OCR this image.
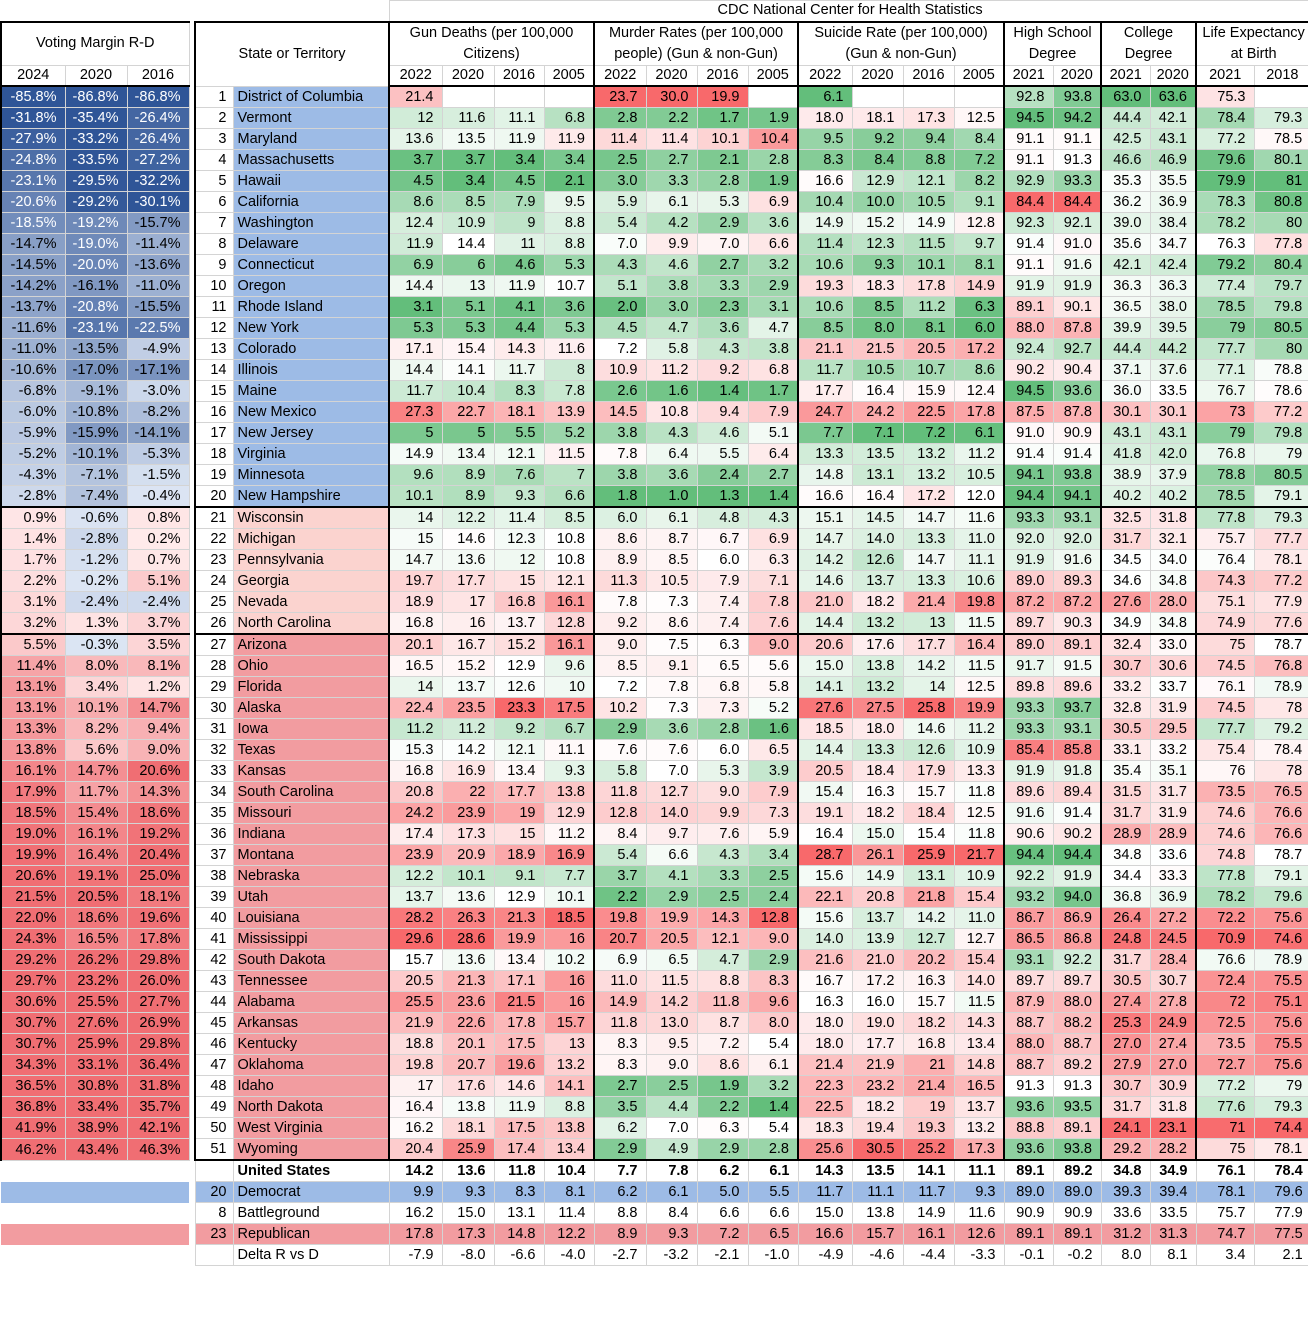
						CDC National Center for Health Statistics																	
Voting Margin R-D				State or Territory		Gun Deaths (per 100,000 Citizens)				Murder Rates (per 100,000 people) (Gun & non-Gun)				Suicide Rate (per 100,000) (Gun & non-Gun)				High School Degree		College Degree		Life Expectancy at Birth	

2024	2020	2016				2022	2020	2016	2005	2022	2020	2016	2005	2022	2020	2016	2005	2021	2020	2021	2020	2021	2018
-85.8%	-86.8%	-86.8%		1	District of Columbia	21.4				23.7	30.0	19.9		6.1				92.8	93.8	63.0	63.6	75.3	
-31.8%	-35.4%	-26.4%		2	Vermont	12	11.6	11.1	6.8	2.8	2.2	1.7	1.9	18.0	18.1	17.3	12.5	94.5	94.2	44.4	42.1	78.4	79.3
-27.9%	-33.2%	-26.4%		3	Maryland	13.6	13.5	11.9	11.9	11.4	11.4	10.1	10.4	9.5	9.2	9.4	8.4	91.1	91.1	42.5	43.1	77.2	78.5
-24.8%	-33.5%	-27.2%		4	Massachusetts	3.7	3.7	3.4	3.4	2.5	2.7	2.1	2.8	8.3	8.4	8.8	7.2	91.1	91.3	46.6	46.9	79.6	80.1
-23.1%	-29.5%	-32.2%		5	Hawaii	4.5	3.4	4.5	2.1	3.0	3.3	2.8	1.9	16.6	12.9	12.1	8.2	92.9	93.3	35.3	35.5	79.9	81
-20.6%	-29.2%	-30.1%		6	California	8.6	8.5	7.9	9.5	5.9	6.1	5.3	6.9	10.4	10.0	10.5	9.1	84.4	84.4	36.2	36.9	78.3	80.8
-18.5%	-19.2%	-15.7%		7	Washington	12.4	10.9	9	8.8	5.4	4.2	2.9	3.6	14.9	15.2	14.9	12.8	92.3	92.1	39.0	38.4	78.2	80
-14.7%	-19.0%	-11.4%		8	Delaware	11.9	14.4	11	8.8	7.0	9.9	7.0	6.6	11.4	12.3	11.5	9.7	91.4	91.0	35.6	34.7	76.3	77.8
-14.5%	-20.0%	-13.6%		9	Connecticut	6.9	6	4.6	5.3	4.3	4.6	2.7	3.2	10.6	9.3	10.1	8.1	91.1	91.6	42.1	42.4	79.2	80.4
-14.2%	-16.1%	-11.0%		10	Oregon	14.4	13	11.9	10.7	5.1	3.8	3.3	2.9	19.3	18.3	17.8	14.9	91.9	91.9	36.3	36.3	77.4	79.7
-13.7%	-20.8%	-15.5%		11	Rhode Island	3.1	5.1	4.1	3.6	2.0	3.0	2.3	3.1	10.6	8.5	11.2	6.3	89.1	90.1	36.5	38.0	78.5	79.8
-11.6%	-23.1%	-22.5%		12	New York	5.3	5.3	4.4	5.3	4.5	4.7	3.6	4.7	8.5	8.0	8.1	6.0	88.0	87.8	39.9	39.5	79	80.5
-11.0%	-13.5%	-4.9%		13	Colorado	17.1	15.4	14.3	11.6	7.2	5.8	4.3	3.8	21.1	21.5	20.5	17.2	92.4	92.7	44.4	44.2	77.7	80
-10.6%	-17.0%	-17.1%		14	Illinois	14.4	14.1	11.7	8	10.9	11.2	9.2	6.8	11.7	10.5	10.7	8.6	90.2	90.4	37.1	37.6	77.1	78.8
-6.8%	-9.1%	-3.0%		15	Maine	11.7	10.4	8.3	7.8	2.6	1.6	1.4	1.7	17.7	16.4	15.9	12.4	94.5	93.6	36.0	33.5	76.7	78.6
-6.0%	-10.8%	-8.2%		16	New Mexico	27.3	22.7	18.1	13.9	14.5	10.8	9.4	7.9	24.7	24.2	22.5	17.8	87.5	87.8	30.1	30.1	73	77.2
-5.9%	-15.9%	-14.1%		17	New Jersey	5	5	5.5	5.2	3.8	4.3	4.6	5.1	7.7	7.1	7.2	6.1	91.0	90.9	43.1	43.1	79	79.8
-5.2%	-10.1%	-5.3%		18	Virginia	14.9	13.4	12.1	11.5	7.8	6.4	5.5	6.4	13.3	13.5	13.2	11.2	91.4	91.4	41.8	42.0	76.8	79
-4.3%	-7.1%	-1.5%		19	Minnesota	9.6	8.9	7.6	7	3.8	3.6	2.4	2.7	14.8	13.1	13.2	10.5	94.1	93.8	38.9	37.9	78.8	80.5
-2.8%	-7.4%	-0.4%		20	New Hampshire	10.1	8.9	9.3	6.6	1.8	1.0	1.3	1.4	16.6	16.4	17.2	12.0	94.4	94.1	40.2	40.2	78.5	79.1
0.9%	-0.6%	0.8%		21	Wisconsin	14	12.2	11.4	8.5	6.0	6.1	4.8	4.3	15.1	14.5	14.7	11.6	93.3	93.1	32.5	31.8	77.8	79.3
1.4%	-2.8%	0.2%		22	Michigan	15	14.6	12.3	10.8	8.6	8.7	6.7	6.9	14.7	14.0	13.3	11.0	92.0	92.0	31.7	32.1	75.7	77.7
1.7%	-1.2%	0.7%		23	Pennsylvania	14.7	13.6	12	10.8	8.9	8.5	6.0	6.3	14.2	12.6	14.7	11.1	91.9	91.6	34.5	34.0	76.4	78.1
2.2%	-0.2%	5.1%		24	Georgia	19.7	17.7	15	12.1	11.3	10.5	7.9	7.1	14.6	13.7	13.3	10.6	89.0	89.3	34.6	34.8	74.3	77.2
3.1%	-2.4%	-2.4%		25	Nevada	18.9	17	16.8	16.1	7.8	7.3	7.4	7.8	21.0	18.2	21.4	19.8	87.2	87.2	27.6	28.0	75.1	77.9
3.2%	1.3%	3.7%		26	North Carolina	16.8	16	13.7	12.8	9.2	8.6	7.4	7.6	14.4	13.2	13	11.5	89.7	90.3	34.9	34.8	74.9	77.6
5.5%	-0.3%	3.5%		27	Arizona	20.1	16.7	15.2	16.1	9.0	7.5	6.3	9.0	20.6	17.6	17.7	16.4	89.0	89.1	32.4	33.0	75	78.7
11.4%	8.0%	8.1%		28	Ohio	16.5	15.2	12.9	9.6	8.5	9.1	6.5	5.6	15.0	13.8	14.2	11.5	91.7	91.5	30.7	30.6	74.5	76.8
13.1%	3.4%	1.2%		29	Florida	14	13.7	12.6	10	7.2	7.8	6.8	5.8	14.1	13.2	14	12.5	89.8	89.6	33.2	33.7	76.1	78.9
13.1%	10.1%	14.7%		30	Alaska	22.4	23.5	23.3	17.5	10.2	7.3	7.3	5.2	27.6	27.5	25.8	19.9	93.3	93.7	32.8	31.9	74.5	78
13.3%	8.2%	9.4%		31	Iowa	11.2	11.2	9.2	6.7	2.9	3.6	2.8	1.6	18.5	18.0	14.6	11.2	93.3	93.1	30.5	29.5	77.7	79.2
13.8%	5.6%	9.0%		32	Texas	15.3	14.2	12.1	11.1	7.6	7.6	6.0	6.5	14.4	13.3	12.6	10.9	85.4	85.8	33.1	33.2	75.4	78.4
16.1%	14.7%	20.6%		33	Kansas	16.8	16.9	13.4	9.3	5.8	7.0	5.3	3.9	20.5	18.4	17.9	13.3	91.9	91.8	35.4	35.1	76	78
17.9%	11.7%	14.3%		34	South Carolina	20.8	22	17.7	13.8	11.8	12.7	9.0	7.9	15.4	16.3	15.7	11.8	89.6	89.4	31.5	31.7	73.5	76.5
18.5%	15.4%	18.6%		35	Missouri	24.2	23.9	19	12.9	12.8	14.0	9.9	7.3	19.1	18.2	18.4	12.5	91.6	91.4	31.7	31.9	74.6	76.6
19.0%	16.1%	19.2%		36	Indiana	17.4	17.3	15	11.2	8.4	9.7	7.6	5.9	16.4	15.0	15.4	11.8	90.6	90.2	28.9	28.9	74.6	76.6
19.9%	16.4%	20.4%		37	Montana	23.9	20.9	18.9	16.9	5.4	6.6	4.3	3.4	28.7	26.1	25.9	21.7	94.4	94.4	34.8	33.6	74.8	78.7
20.6%	19.1%	25.0%		38	Nebraska	12.2	10.1	9.1	7.7	3.7	4.1	3.3	2.5	15.6	14.9	13.1	10.9	92.2	91.9	34.4	33.3	77.8	79.1
21.5%	20.5%	18.1%		39	Utah	13.7	13.6	12.9	10.1	2.2	2.9	2.5	2.4	22.1	20.8	21.8	15.4	93.2	94.0	36.8	36.9	78.2	79.6
22.0%	18.6%	19.6%		40	Louisiana	28.2	26.3	21.3	18.5	19.8	19.9	14.3	12.8	15.6	13.7	14.2	11.0	86.7	86.9	26.4	27.2	72.2	75.6
24.3%	16.5%	17.8%		41	Mississippi	29.6	28.6	19.9	16	20.7	20.5	12.1	9.0	14.0	13.9	12.7	12.7	86.5	86.8	24.8	24.5	70.9	74.6
29.2%	26.2%	29.8%		42	South Dakota	15.7	13.6	13.4	10.2	6.9	6.5	4.7	2.9	21.6	21.0	20.2	15.4	93.1	92.2	31.7	28.4	76.6	78.9
29.7%	23.2%	26.0%		43	Tennessee	20.5	21.3	17.1	16	11.0	11.5	8.8	8.3	16.7	17.2	16.3	14.0	89.7	89.7	30.5	30.7	72.4	75.5
30.6%	25.5%	27.7%		44	Alabama	25.5	23.6	21.5	16	14.9	14.2	11.8	9.6	16.3	16.0	15.7	11.5	87.9	88.0	27.4	27.8	72	75.1
30.7%	27.6%	26.9%		45	Arkansas	21.9	22.6	17.8	15.7	11.8	13.0	8.7	8.0	18.0	19.0	18.2	14.3	88.7	88.2	25.3	24.9	72.5	75.6
30.7%	25.9%	29.8%		46	Kentucky	18.8	20.1	17.5	13	8.3	9.5	7.2	5.4	18.0	17.7	16.8	13.4	88.0	88.7	27.0	27.4	73.5	75.5
34.3%	33.1%	36.4%		47	Oklahoma	19.8	20.7	19.6	13.2	8.3	9.0	8.6	6.1	21.4	21.9	21	14.8	88.7	89.2	27.9	27.0	72.7	75.6
36.5%	30.8%	31.8%		48	Idaho	17	17.6	14.6	14.1	2.7	2.5	1.9	3.2	22.3	23.2	21.4	16.5	91.3	91.3	30.7	30.9	77.2	79
36.8%	33.4%	35.7%		49	North Dakota	16.4	13.8	11.9	8.8	3.5	4.4	2.2	1.4	22.5	18.2	19	13.7	93.6	93.5	31.7	31.8	77.6	79.3
41.9%	38.9%	42.1%		50	West Virginia	16.2	18.1	17.5	13.8	6.2	7.0	6.3	5.4	18.3	19.4	19.3	13.2	88.8	89.1	24.1	23.1	71	74.4
46.2%	43.4%	46.3%		51	Wyoming	20.4	25.9	17.4	13.4	2.9	4.9	2.9	2.8	25.6	30.5	25.2	17.3	93.6	93.8	29.2	28.2	75	78.1
					United States	14.2	13.6	11.8	10.4	7.7	7.8	6.2	6.1	14.3	13.5	14.1	11.1	89.1	89.2	34.8	34.9	76.1	78.4
				20	Democrat	9.9	9.3	8.3	8.1	6.2	6.1	5.0	5.5	11.7	11.1	11.7	9.3	89.0	89.0	39.3	39.4	78.1	79.6
				8	Battleground	16.2	15.0	13.1	11.4	8.8	8.4	6.6	6.6	15.0	13.8	14.9	11.6	90.9	90.9	33.6	33.5	75.7	77.9
				23	Republican	17.8	17.3	14.8	12.2	8.9	9.3	7.2	6.5	16.6	15.7	16.1	12.6	89.1	89.1	31.2	31.3	74.7	77.5
					Delta R vs D	-7.9	-8.0	-6.6	-4.0	-2.7	-3.2	-2.1	-1.0	-4.9	-4.6	-4.4	-3.3	-0.1	-0.2	8.0	8.1	3.4	2.1
